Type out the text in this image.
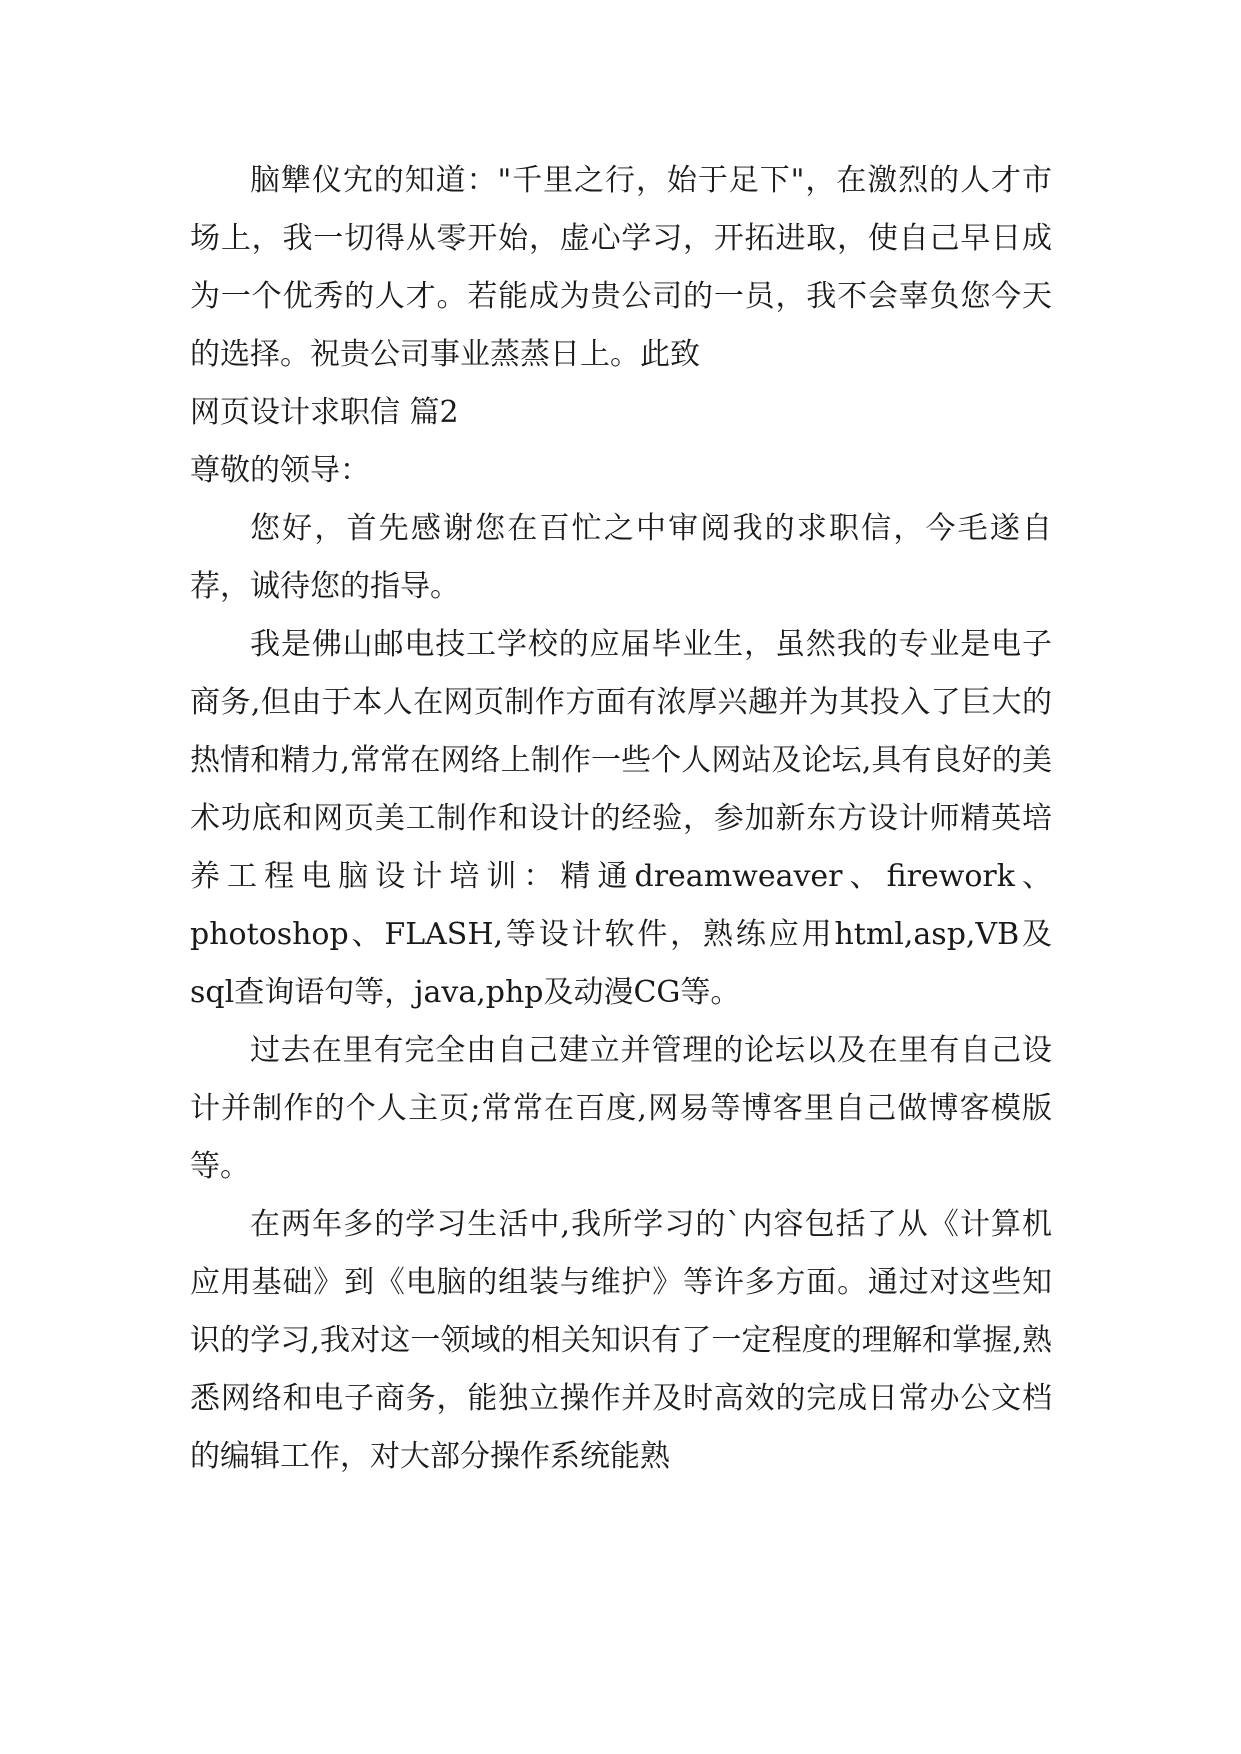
脑犨仪宄的知道："千里之行，始于足下"，在激烈的人才市场上，我一切得从零开始，虚心学习，开拓进取，使自己早日成为一个优秀的人才。若能成为贵公司的一员，我不会辜负您今天的选择。祝贵公司事业蒸蒸日上。此致

网页设计求职信 篇2

尊敬的领导：

您好，首先感谢您在百忙之中审阅我的求职信，今毛遂自荐，诚待您的指导。

我是佛山邮电技工学校的应届毕业生，虽然我的专业是电子商务,但由于本人在网页制作方面有浓厚兴趣并为其投入了巨大的热情和精力,常常在网络上制作一些个人网站及论坛,具有良好的美术功底和网页美工制作和设计的经验，参加新东方设计师精英培养工程电脑设计培训：精通dreamweaver、firework、photoshop、FLASH,等设计软件，熟练应用html,asp,VB及sql查询语句等，java,php及动漫CG等。

过去在里有完全由自己建立并管理的论坛以及在里有自己设计并制作的个人主页;常常在百度,网易等博客里自己做博客模版等。

在两年多的学习生活中,我所学习的`内容包括了从《计算机应用基础》到《电脑的组装与维护》等许多方面。通过对这些知识的学习,我对这一领域的相关知识有了一定程度的理解和掌握,熟悉网络和电子商务，能独立操作并及时高效的完成日常办公文档的编辑工作，对大部分操作系统能熟
